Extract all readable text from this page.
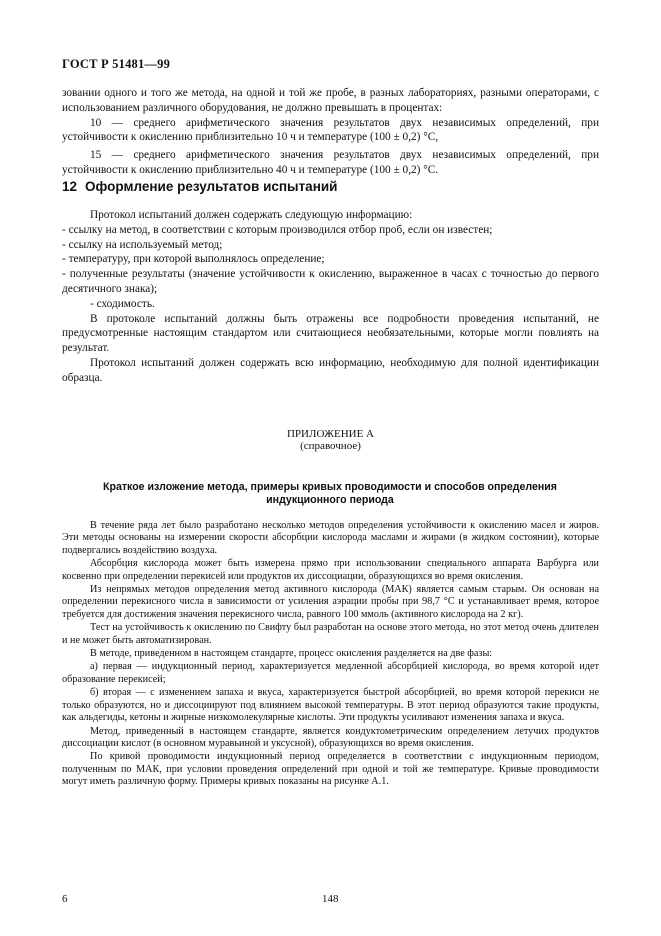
ГОСТ Р 51481—99

зовании одного и того же метода, на одной и той же пробе, в разных лабораториях, разными операторами, с использованием различного оборудования, не должно превышать в процентах:

10 — среднего арифметического значения результатов двух независимых определений, при устойчивости к окислению приблизительно 10 ч и температуре (100 ± 0,2) °С,

15 — среднего арифметического значения результатов двух независимых определений, при устойчивости к окислению приблизительно 40 ч и температуре (100 ± 0,2) °С.

12 Оформление результатов испытаний

Протокол испытаний должен содержать следующую информацию:

- ссылку на метод, в соответствии с которым производился отбор проб, если он известен;

- ссылку на используемый метод;

- температуру, при которой выполнялось определение;

- полученные результаты (значение устойчивости к окислению, выраженное в часах с точностью до первого десятичного знака);

- сходимость.

В протоколе испытаний должны быть отражены все подробности проведения испытаний, не предусмотренные настоящим стандартом или считающиеся необязательными, которые могли повлиять на результат.

Протокол испытаний должен содержать всю информацию, необходимую для полной идентификации образца.

ПРИЛОЖЕНИЕ А
(справочное)
Краткое изложение метода, примеры кривых проводимости и способов определения индукционного периода

В течение ряда лет было разработано несколько методов определения устойчивости к окислению масел и жиров. Эти методы основаны на измерении скорости абсорбции кислорода маслами и жирами (в жидком состоянии), которые подвергались воздействию воздуха.

Абсорбция кислорода может быть измерена прямо при использовании специального аппарата Варбурга или косвенно при определении перекисей или продуктов их диссоциации, образующихся во время окисления.

Из непрямых методов определения метод активного кислорода (МАК) является самым старым. Он основан на определении перекисного числа в зависимости от усиления аэрации пробы при 98,7 °С и устанавливает время, которое требуется для достижения значения перекисного числа, равного 100 ммоль (активного кислорода на 2 кг).

Тест на устойчивость к окислению по Свифту был разработан на основе этого метода, но этот метод очень длителен и не может быть автоматизирован.

В методе, приведенном в настоящем стандарте, процесс окисления разделяется на две фазы:

а) первая — индукционный период, характеризуется медленной абсорбцией кислорода, во время которой идет образование перекисей;

б) вторая — с изменением запаха и вкуса, характеризуется быстрой абсорбцией, во время которой перекиси не только образуются, но и диссоциируют под влиянием высокой температуры. В этот период образуются такие продукты, как альдегиды, кетоны и жирные низкомолекулярные кислоты. Эти продукты усиливают изменения запаха и вкуса.

Метод, приведенный в настоящем стандарте, является кондуктометрическим определением летучих продуктов диссоциации кислот (в основном муравьиной и уксусной), образующихся во время окисления.

По кривой проводимости индукционный период определяется в соответствии с индукционным периодом, полученным по МАК, при условии проведения определений при одной и той же температуре. Кривые проводимости могут иметь различную форму. Примеры кривых показаны на рисунке А.1.

6	148
